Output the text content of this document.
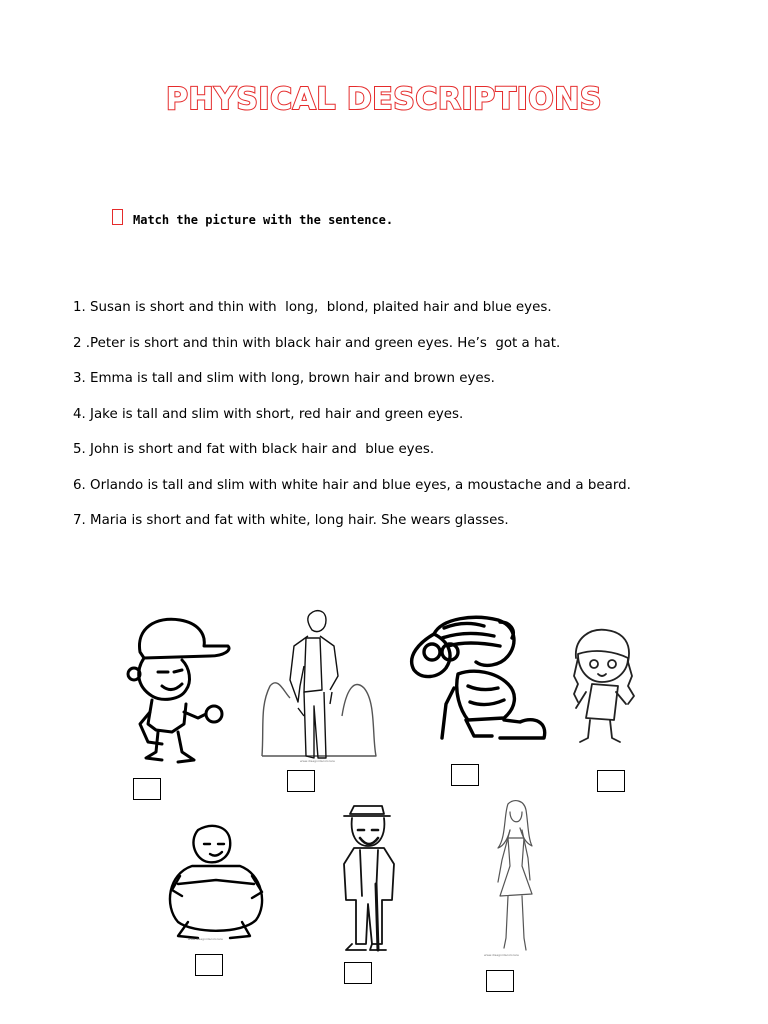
PHYSICAL DESCRIPTIONS
Match the picture with the sentence.
1. Susan is short and thin with  long,  blond, plaited hair and blue eyes.
2 .Peter is short and thin with black hair and green eyes. He’s  got a hat.
3. Emma is tall and slim with long, brown hair and brown eyes.
4. Jake is tall and slim with short, red hair and green eyes.
5. John is short and fat with black hair and  blue eyes.
6. Orlando is tall and slim with white hair and blue eyes, a moustache and a beard.
7. Maria is short and fat with white, long hair. She wears glasses.
www.disegnidacolorare
www.disegnidacolorare
www.disegnidacolorare
